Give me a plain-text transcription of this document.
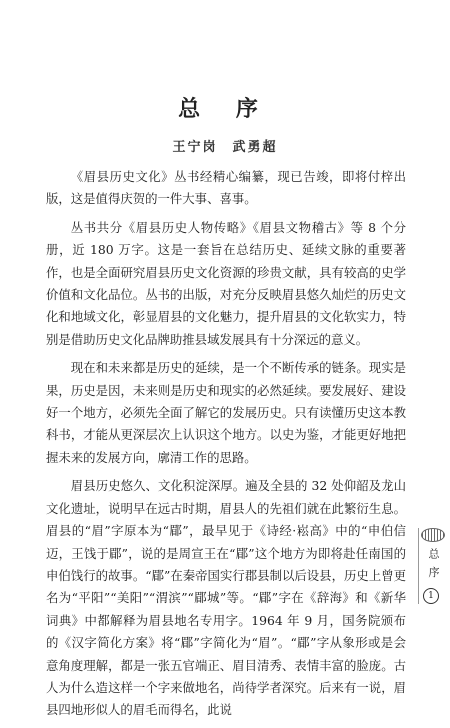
总 序
王宁岗　武勇超

《眉县历史文化》丛书经精心编纂，现已告竣，即将付梓出版，这是值得庆贺的一件大事、喜事。

丛书共分《眉县历史人物传略》《眉县文物稽古》等 8 个分册，近 180 万字。这是一套旨在总结历史、延续文脉的重要著作，也是全面研究眉县历史文化资源的珍贵文献，具有较高的史学价值和文化品位。丛书的出版，对充分反映眉县悠久灿烂的历史文化和地域文化，彰显眉县的文化魅力，提升眉县的文化软实力，特别是借助历史文化品牌助推县域发展具有十分深远的意义。

现在和未来都是历史的延续，是一个不断传承的链条。现实是果，历史是因，未来则是历史和现实的必然延续。要发展好、建设好一个地方，必须先全面了解它的发展历史。只有读懂历史这本教科书，才能从更深层次上认识这个地方。以史为鉴，才能更好地把握未来的发展方向，廓清工作的思路。

眉县历史悠久、文化积淀深厚。遍及全县的 32 处仰韶及龙山文化遗址，说明早在远古时期，眉县人的先祖们就在此繁衍生息。眉县的“眉”字原本为“郿”，最早见于《诗经·崧高》中的“申伯信迈，王饯于郿”，说的是周宣王在“郿”这个地方为即将赴任南国的申伯饯行的故事。“郿”在秦帝国实行郡县制以后设县，历史上曾更名为“平阳”“美阳”“渭滨”“郿城”等。“郿”字在《辞海》和《新华词典》中都解释为眉县地名专用字。1964 年 9 月，国务院颁布的《汉字简化方案》将“郿”字简化为“眉”。“郿”字从象形或是会意角度理解，都是一张五官端正、眉目清秀、表情丰富的脸庞。古人为什么造这样一个字来做地名，尚待学者深究。后来有一说，眉县四地形似人的眉毛而得名，此说

总 序
1
